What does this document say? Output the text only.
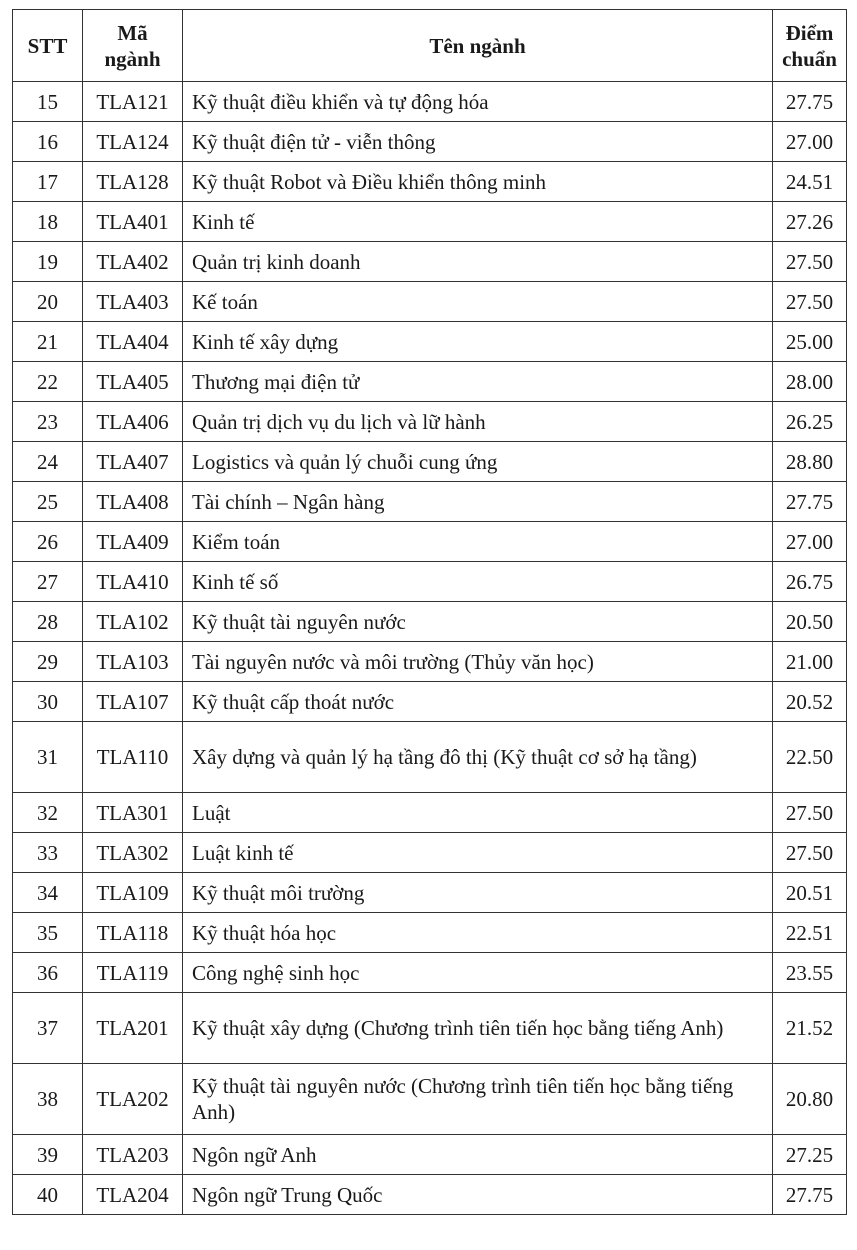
STT	Mã ngành	Tên ngành	Điểm chuẩn
15	TLA121	Kỹ thuật điều khiển và tự động hóa	27.75
16	TLA124	Kỹ thuật điện tử - viễn thông	27.00
17	TLA128	Kỹ thuật Robot và Điều khiển thông minh	24.51
18	TLA401	Kinh tế	27.26
19	TLA402	Quản trị kinh doanh	27.50
20	TLA403	Kế toán	27.50
21	TLA404	Kinh tế xây dựng	25.00
22	TLA405	Thương mại điện tử	28.00
23	TLA406	Quản trị dịch vụ du lịch và lữ hành	26.25
24	TLA407	Logistics và quản lý chuỗi cung ứng	28.80
25	TLA408	Tài chính – Ngân hàng	27.75
26	TLA409	Kiểm toán	27.00
27	TLA410	Kinh tế số	26.75
28	TLA102	Kỹ thuật tài nguyên nước	20.50
29	TLA103	Tài nguyên nước và môi trường (Thủy văn học)	21.00
30	TLA107	Kỹ thuật cấp thoát nước	20.52
31	TLA110	Xây dựng và quản lý hạ tầng đô thị (Kỹ thuật cơ sở hạ tầng)	22.50
32	TLA301	Luật	27.50
33	TLA302	Luật kinh tế	27.50
34	TLA109	Kỹ thuật môi trường	20.51
35	TLA118	Kỹ thuật hóa học	22.51
36	TLA119	Công nghệ sinh học	23.55
37	TLA201	Kỹ thuật xây dựng (Chương trình tiên tiến học bằng tiếng Anh)	21.52
38	TLA202	Kỹ thuật tài nguyên nước (Chương trình tiên tiến học bằng tiếng Anh)	20.80
39	TLA203	Ngôn ngữ Anh	27.25
40	TLA204	Ngôn ngữ Trung Quốc	27.75
